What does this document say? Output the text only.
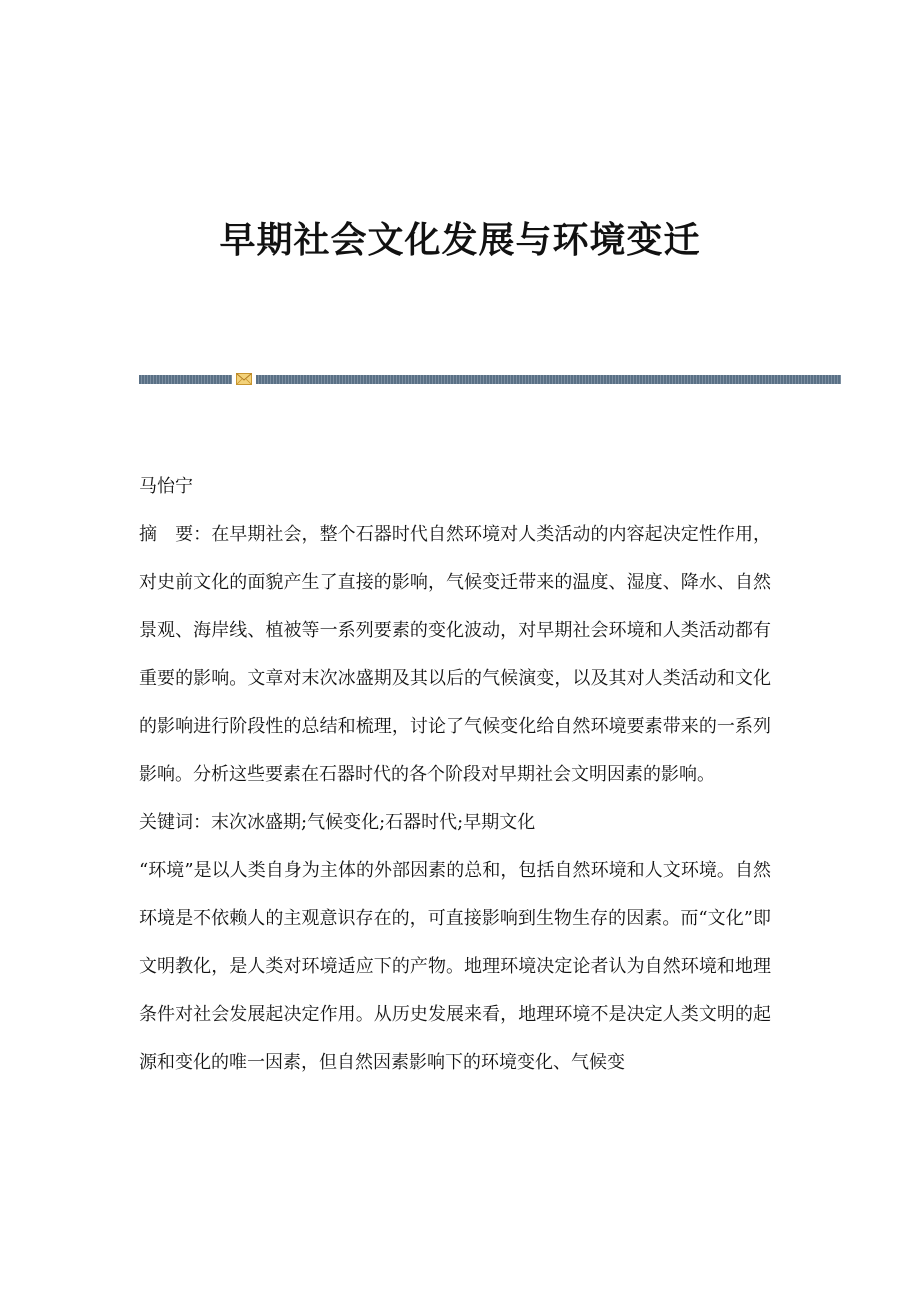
早期社会文化发展与环境变迁

马怡宁

摘　要：在早期社会，整个石器时代自然环境对人类活动的内容起决定性作用，对史前文化的面貌产生了直接的影响，气候变迁带来的温度、湿度、降水、自然景观、海岸线、植被等一系列要素的变化波动，对早期社会环境和人类活动都有重要的影响。文章对末次冰盛期及其以后的气候演变，以及其对人类活动和文化的影响进行阶段性的总结和梳理，讨论了气候变化给自然环境要素带来的一系列影响。分析这些要素在石器时代的各个阶段对早期社会文明因素的影响。

关键词：末次冰盛期;气候变化;石器时代;早期文化

“环境”是以人类自身为主体的外部因素的总和，包括自然环境和人文环境。自然环境是不依赖人的主观意识存在的，可直接影响到生物生存的因素。而“文化”即文明教化，是人类对环境适应下的产物。地理环境决定论者认为自然环境和地理条件对社会发展起决定作用。从历史发展来看，地理环境不是决定人类文明的起源和变化的唯一因素，但自然因素影响下的环境变化、气候变
